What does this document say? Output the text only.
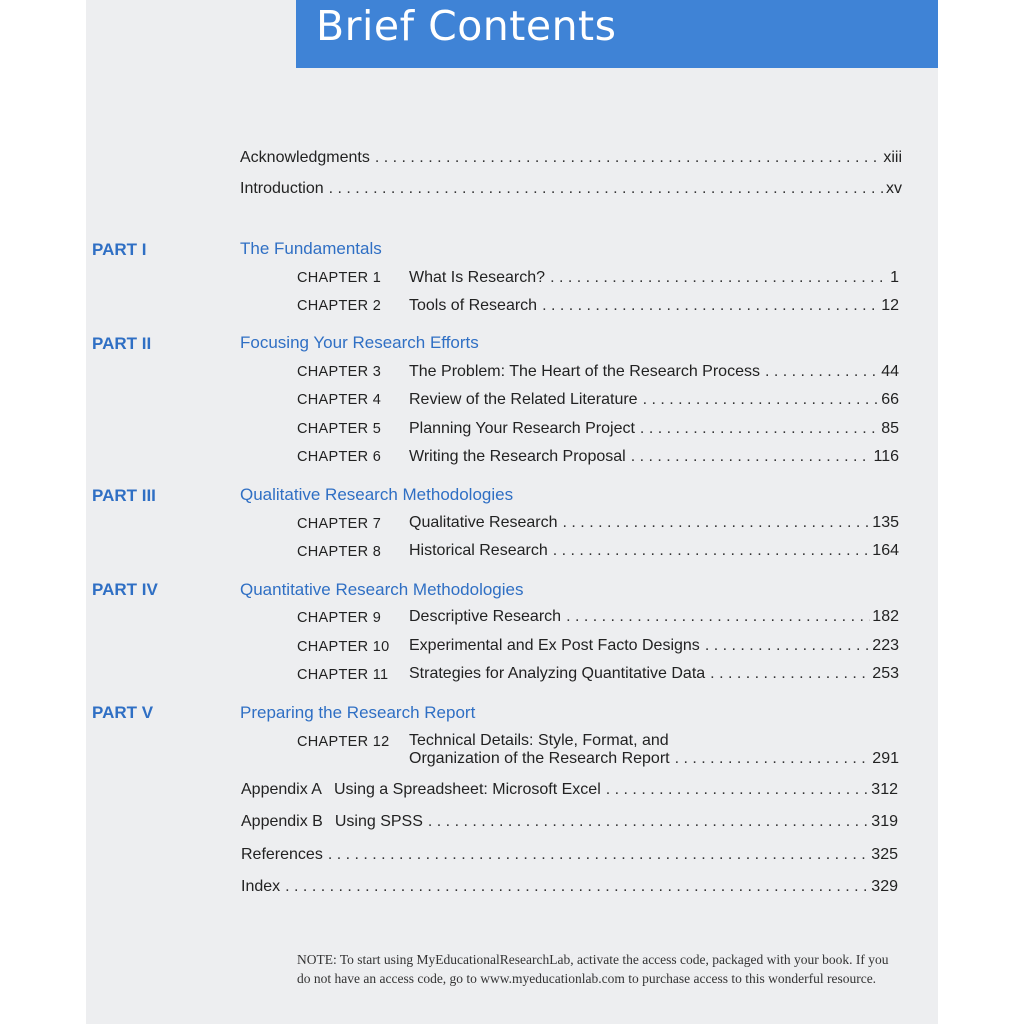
Brief Contents
Acknowledgments . . .	xiii
Introduction . . .	xv
PART I	The Fundamentals
CHAPTER 1 What Is Research? . . .	1
CHAPTER 2 Tools of Research . . .	12
PART II	Focusing Your Research Efforts
CHAPTER 3 The Problem: The Heart of the Research Process . . .	44
CHAPTER 4 Review of the Related Literature . . .	66
CHAPTER 5 Planning Your Research Project . . .	85
CHAPTER 6 Writing the Research Proposal . . .	116
PART III	Qualitative Research Methodologies
CHAPTER 7 Qualitative Research . . .	135
CHAPTER 8 Historical Research . . .	164
PART IV	Quantitative Research Methodologies
CHAPTER 9 Descriptive Research . . .	182
CHAPTER 10 Experimental and Ex Post Facto Designs . . .	223
CHAPTER 11 Strategies for Analyzing Quantitative Data . . .	253
PART V	Preparing the Research Report
CHAPTER 12 Technical Details: Style, Format, and
Organization of the Research Report . . .	291
Appendix A Using a Spreadsheet: Microsoft Excel . . .	312
Appendix B Using SPSS . . .	319
References . . .	325
Index . . .	329
NOTE: To start using MyEducationalResearchLab, activate the access code, packaged with your book. If you do not have an access code, go to www.myeducationlab.com to purchase access to this wonderful resource.
